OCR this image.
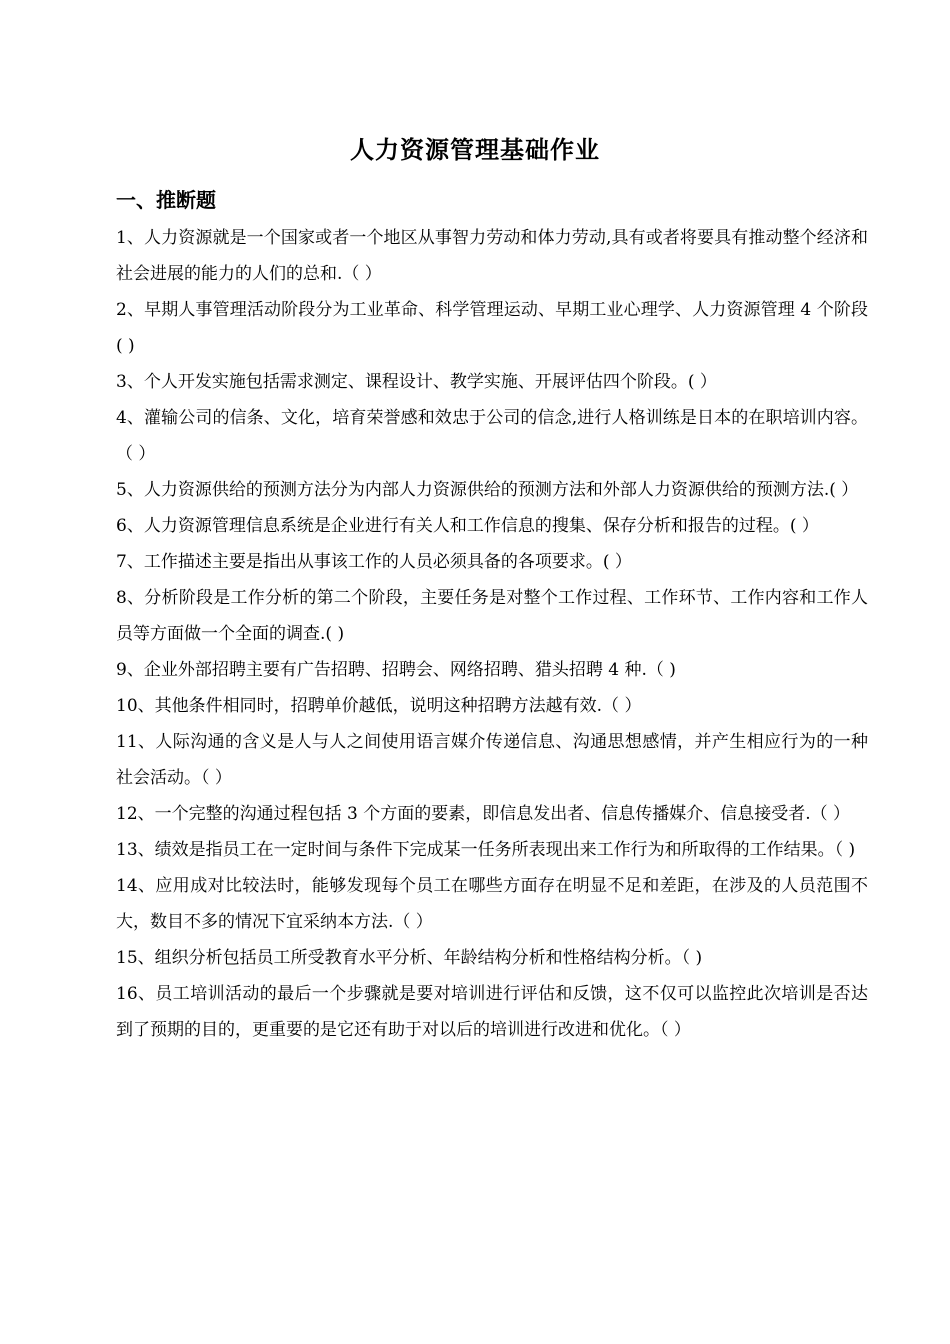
人力资源管理基础作业
一、推断题

1、人力资源就是一个国家或者一个地区从事智力劳动和体力劳动,具有或者将要具有推动整个经济和社会进展的能力的人们的总和.（ ）

2、早期人事管理活动阶段分为工业革命、科学管理运动、早期工业心理学、人力资源管理 4 个阶段( )

3、个人开发实施包括需求测定、课程设计、教学实施、开展评估四个阶段。( ）

4、灌输公司的信条、文化，培育荣誉感和效忠于公司的信念,进行人格训练是日本的在职培训内容。（ ）

5、人力资源供给的预测方法分为内部人力资源供给的预测方法和外部人力资源供给的预测方法.( ）

6、人力资源管理信息系统是企业进行有关人和工作信息的搜集、保存分析和报告的过程。( ）

7、工作描述主要是指出从事该工作的人员必须具备的各项要求。( ）

8、分析阶段是工作分析的第二个阶段，主要任务是对整个工作过程、工作环节、工作内容和工作人员等方面做一个全面的调查.( )

9、企业外部招聘主要有广告招聘、招聘会、网络招聘、猎头招聘 4 种.（ )

10、其他条件相同时，招聘单价越低，说明这种招聘方法越有效.（ ）

11、人际沟通的含义是人与人之间使用语言媒介传递信息、沟通思想感情，并产生相应行为的一种社会活动。（ ）

12、一个完整的沟通过程包括 3 个方面的要素，即信息发出者、信息传播媒介、信息接受者.（ ）

13、绩效是指员工在一定时间与条件下完成某一任务所表现出来工作行为和所取得的工作结果。（ )

14、应用成对比较法时，能够发现每个员工在哪些方面存在明显不足和差距，在涉及的人员范围不大，数目不多的情况下宜采纳本方法.（ ）

15、组织分析包括员工所受教育水平分析、年龄结构分析和性格结构分析。（ )

16、员工培训活动的最后一个步骤就是要对培训进行评估和反馈，这不仅可以监控此次培训是否达到了预期的目的，更重要的是它还有助于对以后的培训进行改进和优化。（ ）
